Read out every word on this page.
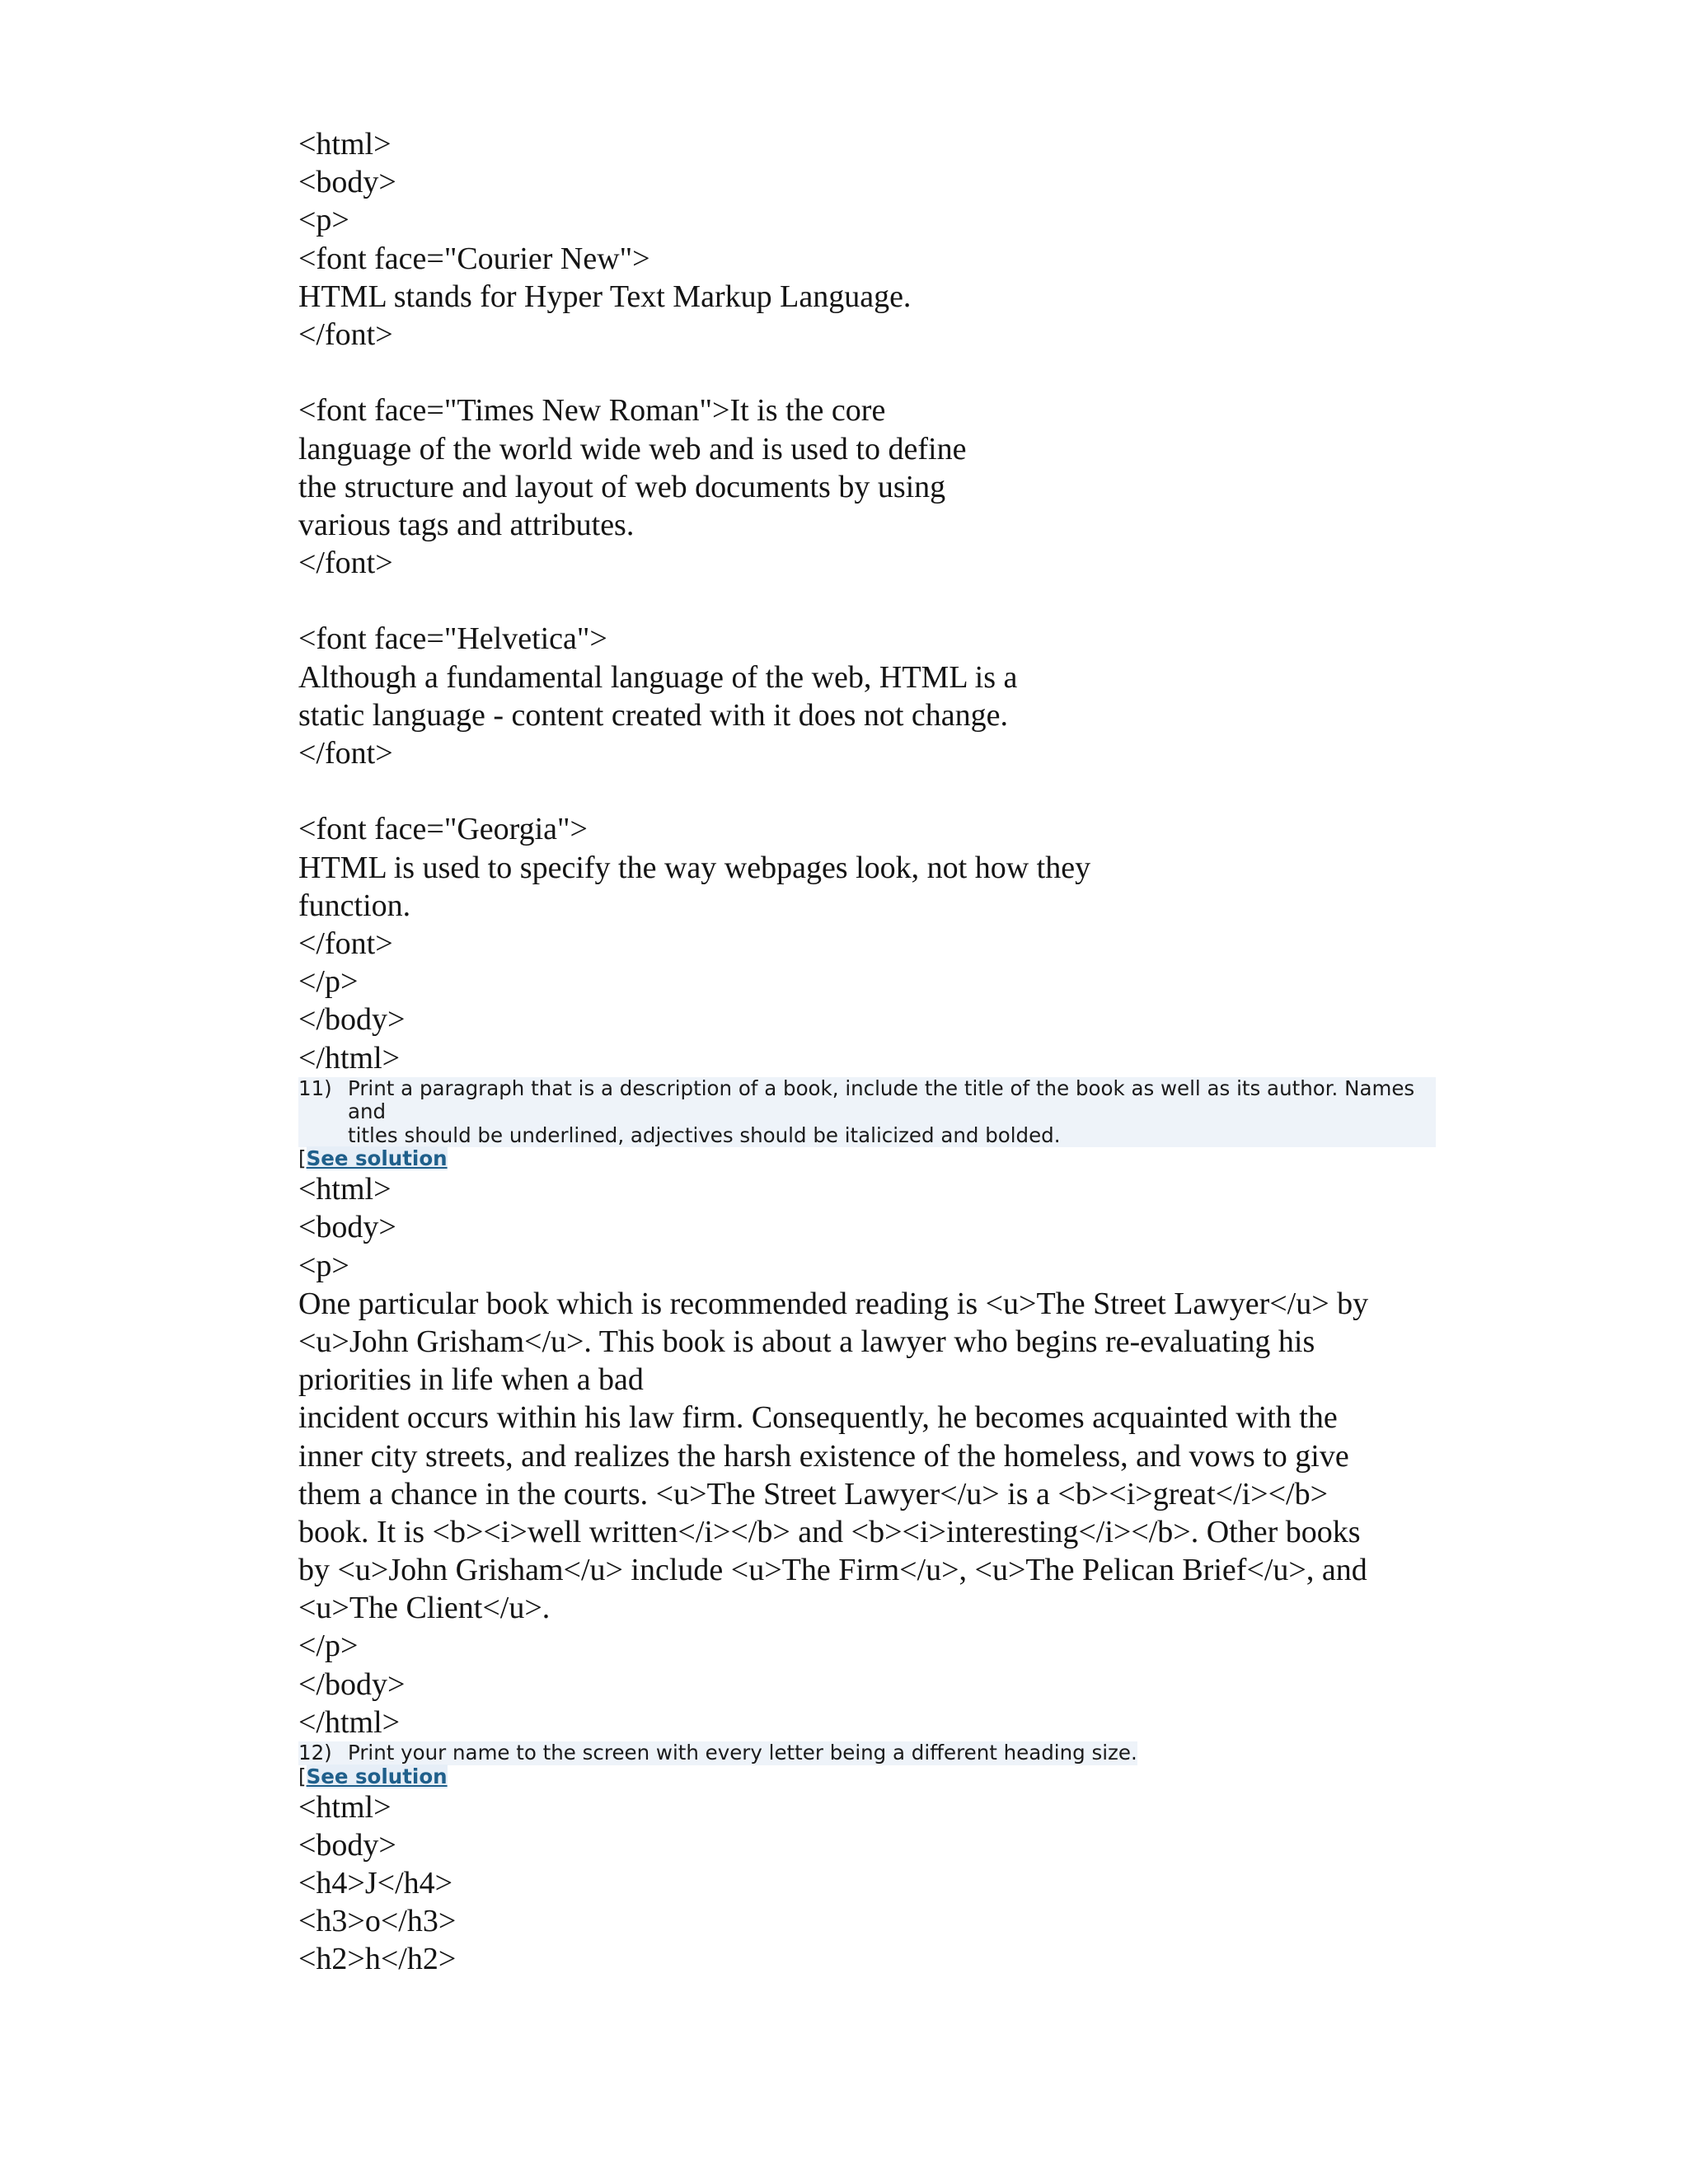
<html>
<body>
<p>
<font face="Courier New">
HTML stands for Hyper Text Markup Language.
</font>
<font face="Times New Roman">It is the core
language of the world wide web and is used to define
the structure and layout of web documents by using
various tags and attributes.
</font>
<font face="Helvetica">
Although a fundamental language of the web, HTML is a
static language - content created with it does not change.
</font>
<font face="Georgia">
HTML is used to specify the way webpages look, not how they
function.
</font>
</p>
</body>
</html>
11) Print a paragraph that is a description of a book, include the title of the book as well as its author. Names and
titles should be underlined, adjectives should be italicized and bolded.
[See solution
<html>
<body>
<p>
One particular book which is recommended reading is <u>The Street Lawyer</u> by
<u>John Grisham</u>. This book is about a lawyer who begins re-evaluating his
priorities in life when a bad
incident occurs within his law firm. Consequently, he becomes acquainted with the
inner city streets, and realizes the harsh existence of the homeless, and vows to give
them a chance in the courts. <u>The Street Lawyer</u> is a <b><i>great</i></b>
book. It is <b><i>well written</i></b> and <b><i>interesting</i></b>. Other books
by <u>John Grisham</u> include <u>The Firm</u>, <u>The Pelican Brief</u>, and
<u>The Client</u>.
</p>
</body>
</html>
12) Print your name to the screen with every letter being a different heading size.
[See solution
<html>
<body>
<h4>J</h4>
<h3>o</h3>
<h2>h</h2>
